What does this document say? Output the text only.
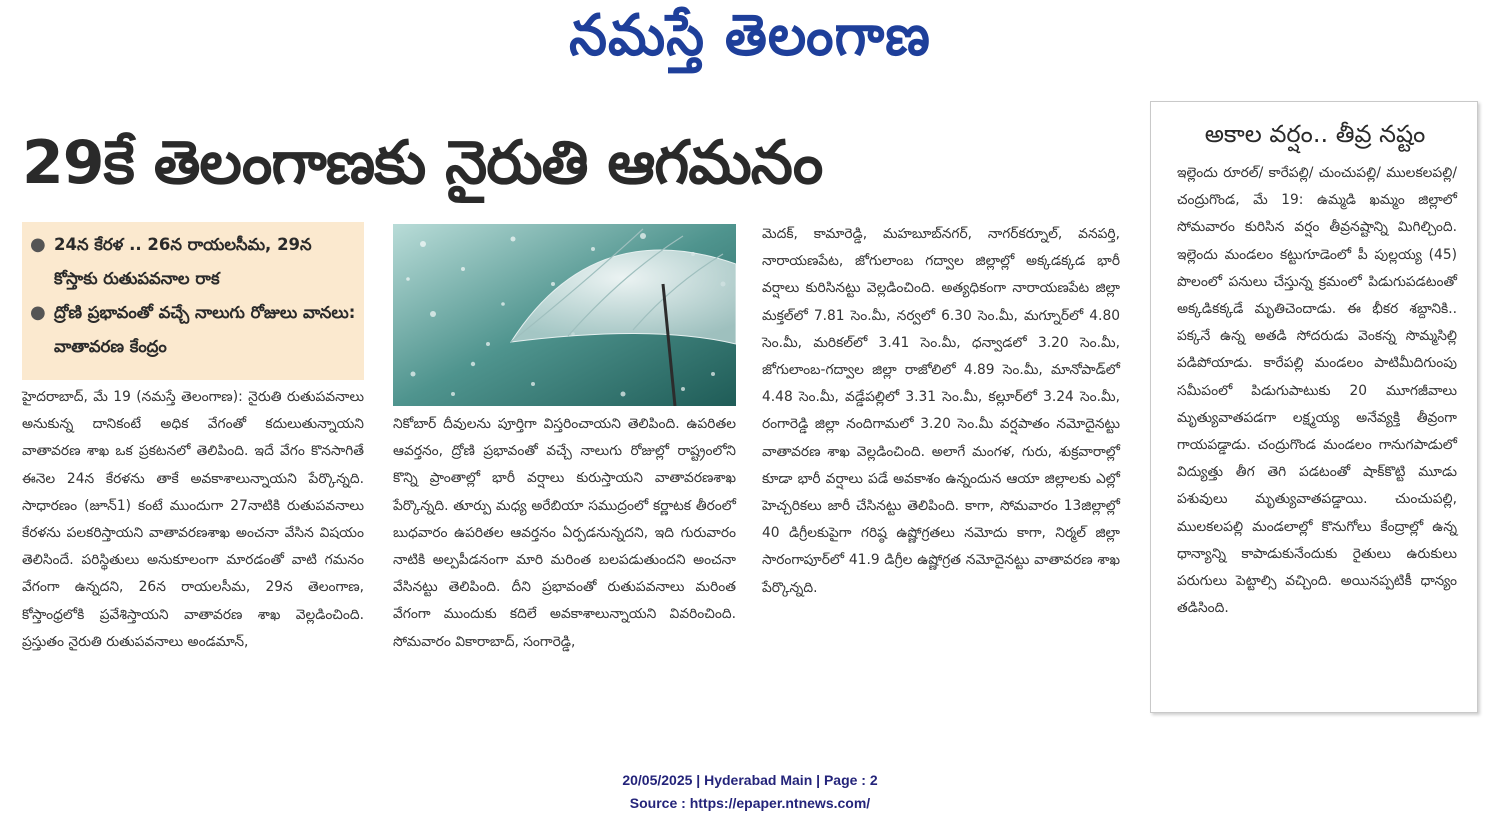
నమస్తే తెలంగాణ
29కే తెలంగాణకు నైరుతి ఆగమనం
● 24న కేరళ .. 26న రాయలసీమ, 29న కోస్తాకు రుతుపవనాల రాక
● ద్రోణి ప్రభావంతో వచ్చే నాలుగు రోజులు వానలు: వాతావరణ కేంద్రం
హైదరాబాద్, మే 19 (నమస్తే తెలంగాణ): నైరుతి రుతుపవనాలు అనుకున్న దానికంటే అధిక వేగంతో కదులుతున్నాయని వాతావరణ శాఖ ఒక ప్రకటనలో తెలిపింది. ఇదే వేగం కొనసాగితే ఈనెల 24న కేరళను తాకే అవకాశాలున్నాయని పేర్కొన్నది. సాధారణం (జూన్1) కంటే ముందుగా 27నాటికి రుతుపవనాలు కేరళను పలకరిస్తాయని వాతావరణశాఖ అంచనా వేసిన విషయం తెలిసిందే. పరిస్థితులు అనుకూలంగా మారడంతో వాటి గమనం వేగంగా ఉన్నదని, 26న రాయలసీమ, 29న తెలంగాణ, కోస్తాంధ్రలోకి ప్రవేశిస్తాయని వాతావరణ శాఖ వెల్లడించింది. ప్రస్తుతం నైరుతి రుతుపవనాలు అండమాన్,
నికోబార్ దీవులను పూర్తిగా విస్తరించాయని తెలిపింది. ఉపరితల ఆవర్తనం, ద్రోణి ప్రభావంతో వచ్చే నాలుగు రోజుల్లో రాష్ట్రంలోని కొన్ని ప్రాంతాల్లో భారీ వర్షాలు కురుస్తాయని వాతావరణశాఖ పేర్కొన్నది. తూర్పు మధ్య అరేబియా సముద్రంలో కర్ణాటక తీరంలో బుధవారం ఉపరితల ఆవర్తనం ఏర్పడనున్నదని, ఇది గురువారం నాటికి అల్పపీడనంగా మారి మరింత బలపడుతుందని అంచనా వేసినట్టు తెలిపింది. దీని ప్రభావంతో రుతుపవనాలు మరింత వేగంగా ముందుకు కదిలే అవకాశాలున్నాయని వివరించింది. సోమవారం వికారాబాద్, సంగారెడ్డి,
మెదక్, కామారెడ్డి, మహబూబ్‌నగర్, నాగర్‌కర్నూల్, వనపర్తి, నారాయణపేట, జోగులాంబ గద్వాల జిల్లాల్లో అక్కడక్కడ భారీ వర్షాలు కురిసినట్టు వెల్లడించింది. అత్యధికంగా నారాయణపేట జిల్లా మక్తల్‌లో 7.81 సెం.మీ, నర్వలో 6.30 సెం.మీ, మగ్నూర్‌లో 4.80 సెం.మీ, మరికల్‌లో 3.41 సెం.మీ, ధన్వాడలో 3.20 సెం.మీ, జోగులాంబ-గద్వాల జిల్లా రాజోలిలో 4.89 సెం.మీ, మానోపాడ్‌లో 4.48 సెం.మీ, వడ్డేపల్లిలో 3.31 సెం.మీ, కల్లూర్‌లో 3.24 సెం.మీ, రంగారెడ్డి జిల్లా నందిగామలో 3.20 సెం.మీ వర్షపాతం నమోదైనట్టు వాతావరణ శాఖ వెల్లడించింది. అలాగే మంగళ, గురు, శుక్రవారాల్లో కూడా భారీ వర్షాలు పడే అవకాశం ఉన్నందున ఆయా జిల్లాలకు ఎల్లో హెచ్చరికలు జారీ చేసినట్టు తెలిపింది. కాగా, సోమవారం 13జిల్లాల్లో 40 డిగ్రీలకుపైగా గరిష్ఠ ఉష్ణోగ్రతలు నమోదు కాగా, నిర్మల్ జిల్లా సారంగాపూర్‌లో 41.9 డిగ్రీల ఉష్ణోగ్రత నమోదైనట్టు వాతావరణ శాఖ పేర్కొన్నది.
అకాల వర్షం.. తీవ్ర నష్టం
ఇల్లెందు రూరల్/ కారేపల్లి/ చుంచుపల్లి/ ములకలపల్లి/చంద్రుగొండ, మే 19: ఉమ్మడి ఖమ్మం జిల్లాలో సోమవారం కురిసిన వర్షం తీవ్రనష్టాన్ని మిగిల్చింది. ఇల్లెందు మండలం కట్టుగూడెంలో పీ పుల్లయ్య (45) పొలంలో పనులు చేస్తున్న క్రమంలో పిడుగుపడటంతో అక్కడికక్కడే మృతిచెందాడు. ఈ భీకర శబ్దానికి.. పక్కనే ఉన్న అతడి సోదరుడు వెంకన్న సొమ్మసిల్లి పడిపోయాడు. కారేపల్లి మండలం పాటిమీదిగుంపు సమీపంలో పిడుగుపాటుకు 20 మూగజీవాలు మృత్యువాతపడగా లక్ష్మయ్య అనేవ్యక్తి తీవ్రంగా గాయపడ్డాడు. చంద్రుగొండ మండలం గానుగపాడులో విద్యుత్తు తీగ తెగి పడటంతో షాక్‌కొట్టి మూడు పశువులు మృత్యువాతపడ్డాయి. చుంచుపల్లి, ములకలపల్లి మండలాల్లో కొనుగోలు కేంద్రాల్లో ఉన్న ధాన్యాన్ని కాపాడుకునేందుకు రైతులు ఉరుకులు పరుగులు పెట్టాల్సి వచ్చింది. అయినప్పటికీ ధాన్యం తడిసింది.
20/05/2025 | Hyderabad Main | Page : 2
Source : https://epaper.ntnews.com/
